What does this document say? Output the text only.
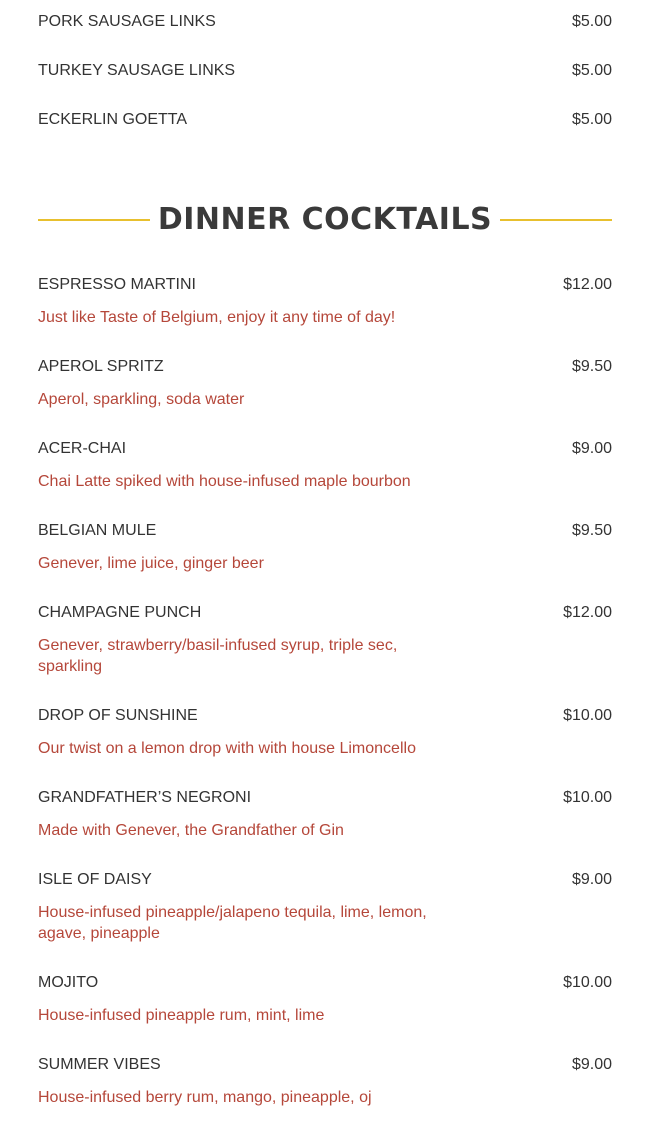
PORK SAUSAGE LINKS	$5.00
TURKEY SAUSAGE LINKS	$5.00
ECKERLIN GOETTA	$5.00
DINNER COCKTAILS
ESPRESSO MARTINI	$12.00
Just like Taste of Belgium, enjoy it any time of day!
APEROL SPRITZ	$9.50
Aperol, sparkling, soda water
ACER-CHAI	$9.00
Chai Latte spiked with house-infused maple bourbon
BELGIAN MULE	$9.50
Genever, lime juice, ginger beer
CHAMPAGNE PUNCH	$12.00
Genever, strawberry/basil-infused syrup, triple sec, sparkling
DROP OF SUNSHINE	$10.00
Our twist on a lemon drop with with house Limoncello
GRANDFATHER’S NEGRONI	$10.00
Made with Genever, the Grandfather of Gin
ISLE OF DAISY	$9.00
House-infused pineapple/jalapeno tequila, lime, lemon, agave, pineapple
MOJITO	$10.00
House-infused pineapple rum, mint, lime
SUMMER VIBES	$9.00
House-infused berry rum, mango, pineapple, oj
